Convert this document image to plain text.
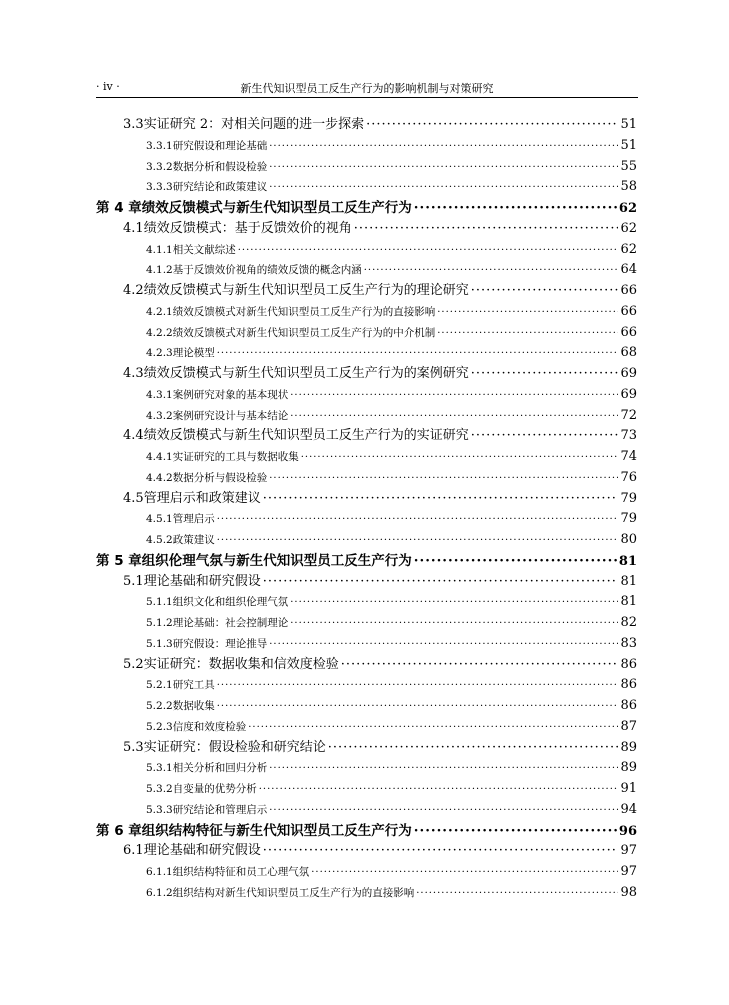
· iv ·	新生代知识型员工反生产行为的影响机制与对策研究
3.3 实证研究 2：对相关问题的进一步探索 ·····	51
3.3.1 研究假设和理论基础 ·····	51
3.3.2 数据分析和假设检验 ·····	55
3.3.3 研究结论和政策建议 ·····	58
第 4 章 绩效反馈模式与新生代知识型员工反生产行为 ·····	62
4.1 绩效反馈模式：基于反馈效价的视角 ·····	62
4.1.1 相关文献综述 ·····	62
4.1.2 基于反馈效价视角的绩效反馈的概念内涵 ·····	64
4.2 绩效反馈模式与新生代知识型员工反生产行为的理论研究 ·····	66
4.2.1 绩效反馈模式对新生代知识型员工反生产行为的直接影响 ·····	66
4.2.2 绩效反馈模式对新生代知识型员工反生产行为的中介机制 ·····	66
4.2.3 理论模型 ·····	68
4.3 绩效反馈模式与新生代知识型员工反生产行为的案例研究 ·····	69
4.3.1 案例研究对象的基本现状 ·····	69
4.3.2 案例研究设计与基本结论 ·····	72
4.4 绩效反馈模式与新生代知识型员工反生产行为的实证研究 ·····	73
4.4.1 实证研究的工具与数据收集 ·····	74
4.4.2 数据分析与假设检验 ·····	76
4.5 管理启示和政策建议 ·····	79
4.5.1 管理启示 ·····	79
4.5.2 政策建议 ·····	80
第 5 章 组织伦理气氛与新生代知识型员工反生产行为 ·····	81
5.1 理论基础和研究假设 ·····	81
5.1.1 组织文化和组织伦理气氛 ·····	81
5.1.2 理论基础：社会控制理论 ·····	82
5.1.3 研究假设：理论推导 ·····	83
5.2 实证研究：数据收集和信效度检验 ·····	86
5.2.1 研究工具 ·····	86
5.2.2 数据收集 ·····	86
5.2.3 信度和效度检验 ·····	87
5.3 实证研究：假设检验和研究结论 ·····	89
5.3.1 相关分析和回归分析 ·····	89
5.3.2 自变量的优势分析 ·····	91
5.3.3 研究结论和管理启示 ·····	94
第 6 章 组织结构特征与新生代知识型员工反生产行为 ·····	96
6.1 理论基础和研究假设 ·····	97
6.1.1 组织结构特征和员工心理气氛 ·····	97
6.1.2 组织结构对新生代知识型员工反生产行为的直接影响 ·····	98
